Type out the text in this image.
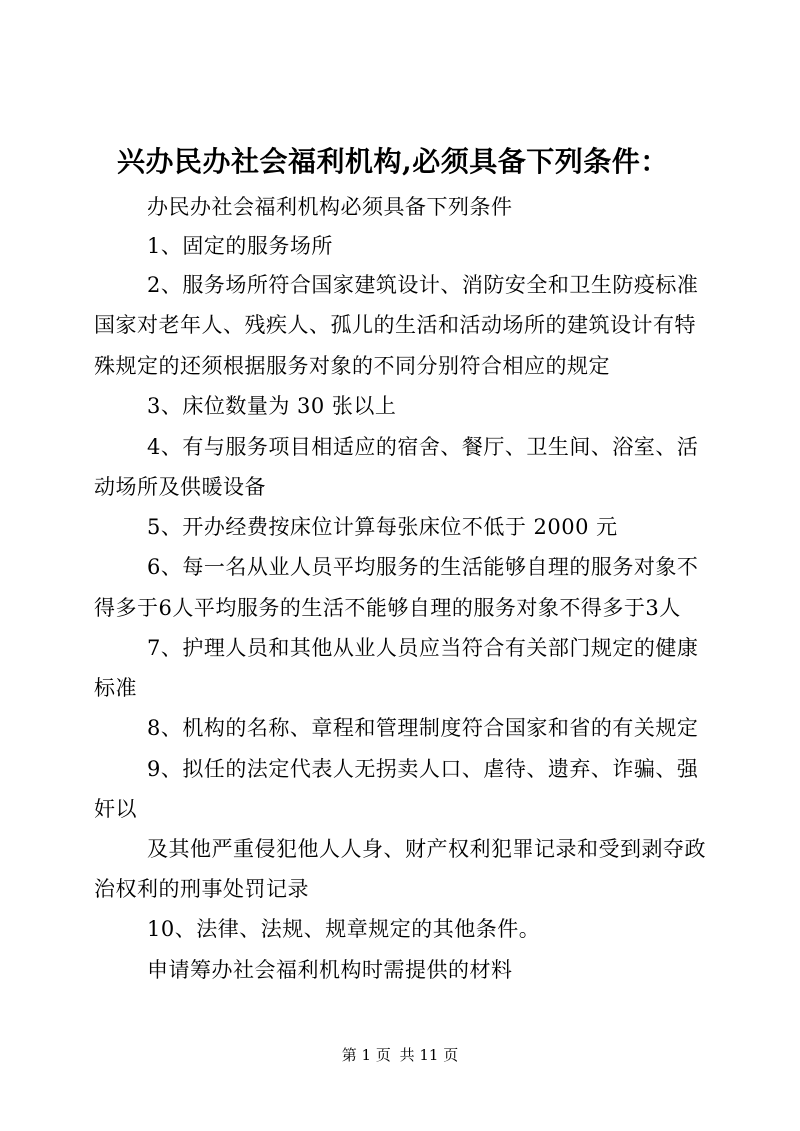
兴办民办社会福利机构,必须具备下列条件：
办民办社会福利机构必须具备下列条件
1、固定的服务场所
2、服务场所符合国家建筑设计、消防安全和卫生防疫标准
国家对老年人、残疾人、孤儿的生活和活动场所的建筑设计有特
殊规定的还须根据服务对象的不同分别符合相应的规定
3、床位数量为 30 张以上
4、有与服务项目相适应的宿舍、餐厅、卫生间、浴室、活
动场所及供暖设备
5、开办经费按床位计算每张床位不低于 2000 元
6、每一名从业人员平均服务的生活能够自理的服务对象不
得多于6人平均服务的生活不能够自理的服务对象不得多于3人
7、护理人员和其他从业人员应当符合有关部门规定的健康
标准
8、机构的名称、章程和管理制度符合国家和省的有关规定
9、拟任的法定代表人无拐卖人口、虐待、遗弃、诈骗、强
奸以
及其他严重侵犯他人人身、财产权利犯罪记录和受到剥夺政
治权利的刑事处罚记录
10、法律、法规、规章规定的其他条件。
申请筹办社会福利机构时需提供的材料
第 1 页 共 11 页
